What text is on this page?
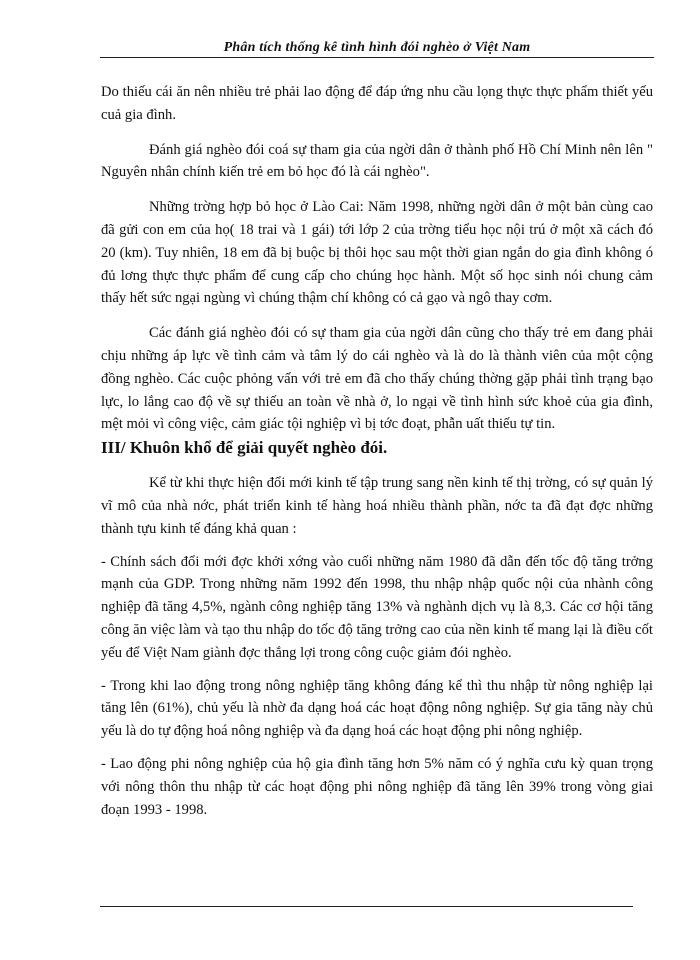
Phân tích thống kê tình hình đói nghèo ở Việt Nam

Do thiếu cái ăn nên nhiều trẻ phải lao động để đáp ứng nhu cầu lọng thực thực phẩm thiết yếu cuả gia đình.

Đánh giá nghèo đói coá sự tham gia của ngời dân ở thành phố Hồ Chí Minh nên lên " Nguyên nhân chính kiến trẻ em bỏ học đó là cái nghèo".

Những trờng hợp bỏ học ở Lào Cai: Năm 1998, những ngời dân ở một bản cùng cao đã gửi con em của họ( 18 trai và 1 gái) tới lớp 2 của trờng tiểu học nội trú ở một xã cách đó 20 (km). Tuy nhiên, 18 em đã bị buộc bị thôi học sau một thời gian ngắn do gia đình không ó đủ lơng thực thực phẩm để cung cấp cho chúng học hành. Một số học sinh nói chung cảm thấy hết sức ngại ngùng vì chúng thậm chí không có cả gạo và ngô thay cơm.

Các đánh giá nghèo đói có sự tham gia của ngời dân cũng cho thấy trẻ em đang phải chịu những áp lực về tình cảm và tâm lý do cái nghèo và là do là thành viên của một cộng đồng nghèo. Các cuộc phỏng vấn với trẻ em đã cho thấy chúng thờng gặp phải tình trạng bạo lực, lo lắng cao độ về sự thiếu an toàn về nhà ở, lo ngại về tình hình sức khoẻ của gia đình, mệt mỏi vì công việc, cảm giác tội nghiệp vì bị tớc đoạt, phẫn uất thiếu tự tin.

III/ Khuôn khổ để giải quyết nghèo đói.

Kể từ khi thực hiện đổi mới kinh tế tập trung sang nền kinh tế thị trờng, có sự quản lý vĩ mô của nhà nớc, phát triển kinh tế hàng hoá nhiều thành phần, nớc ta đã đạt đợc những thành tựu kinh tế đáng khả quan :

- Chính sách đổi mới đợc khởi xớng vào cuối những năm 1980 đã dẫn đến tốc độ tăng trởng mạnh của GDP. Trong những năm 1992 đến 1998, thu nhập nhập quốc nội của nhành công nghiệp đã tăng 4,5%, ngành công nghiệp tăng 13% và nghành dịch vụ là 8,3. Các cơ hội tăng công ăn việc làm và tạo thu nhập do tốc độ tăng trởng cao của nền kinh tế mang lại là điều cốt yếu để Việt Nam giành đợc thắng lợi trong công cuộc giảm đói nghèo.

- Trong khi lao động trong nông nghiệp tăng không đáng kể thì thu nhập từ nông nghiệp lại tăng lên (61%), chủ yếu là nhờ đa dạng hoá các hoạt động nông nghiệp. Sự gia tăng này chủ yếu là do tự động hoá nông nghiệp và đa dạng hoá các hoạt động phi nông nghiệp.

- Lao động phi nông nghiệp của hộ gia đình tăng hơn 5% năm có ý nghĩa cưu kỳ quan trọng với nông thôn thu nhập từ các hoạt động phi nông nghiệp đã tăng lên 39% trong vòng giai đoạn 1993 - 1998.
